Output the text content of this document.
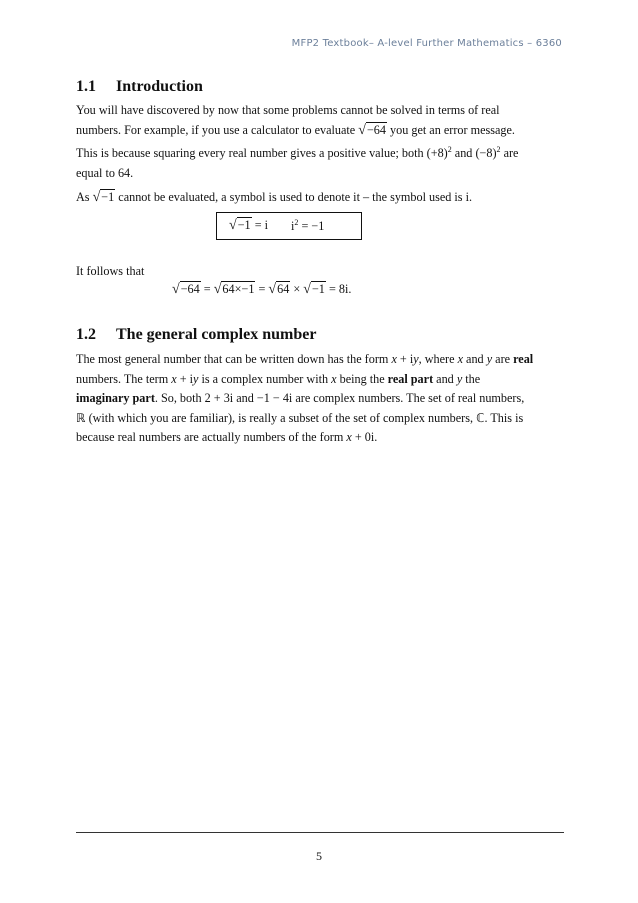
MFP2 Textbook– A-level Further Mathematics – 6360
1.1 Introduction
You will have discovered by now that some problems cannot be solved in terms of real
numbers. For example, if you use a calculator to evaluate √−64 you get an error message.
This is because squaring every real number gives a positive value; both $(+8)^2$ and $(-8)^2$ are
equal to 64.
As √−1 cannot be evaluated, a symbol is used to denote it – the symbol used is i.
√−1 = i $i^2 = -1$
It follows that
√−64 = √64×−1 = √64 × √−1 = 8i.
1.2 The general complex number
The most general number that can be written down has the form x + iy, where x and y are real
numbers. The term x + iy is a complex number with x being the real part and y the
imaginary part. So, both 2 + 3i and −1 − 4i are complex numbers. The set of real numbers,
ℝ (with which you are familiar), is really a subset of the set of complex numbers, ℂ. This is
because real numbers are actually numbers of the form x + 0i.
5
